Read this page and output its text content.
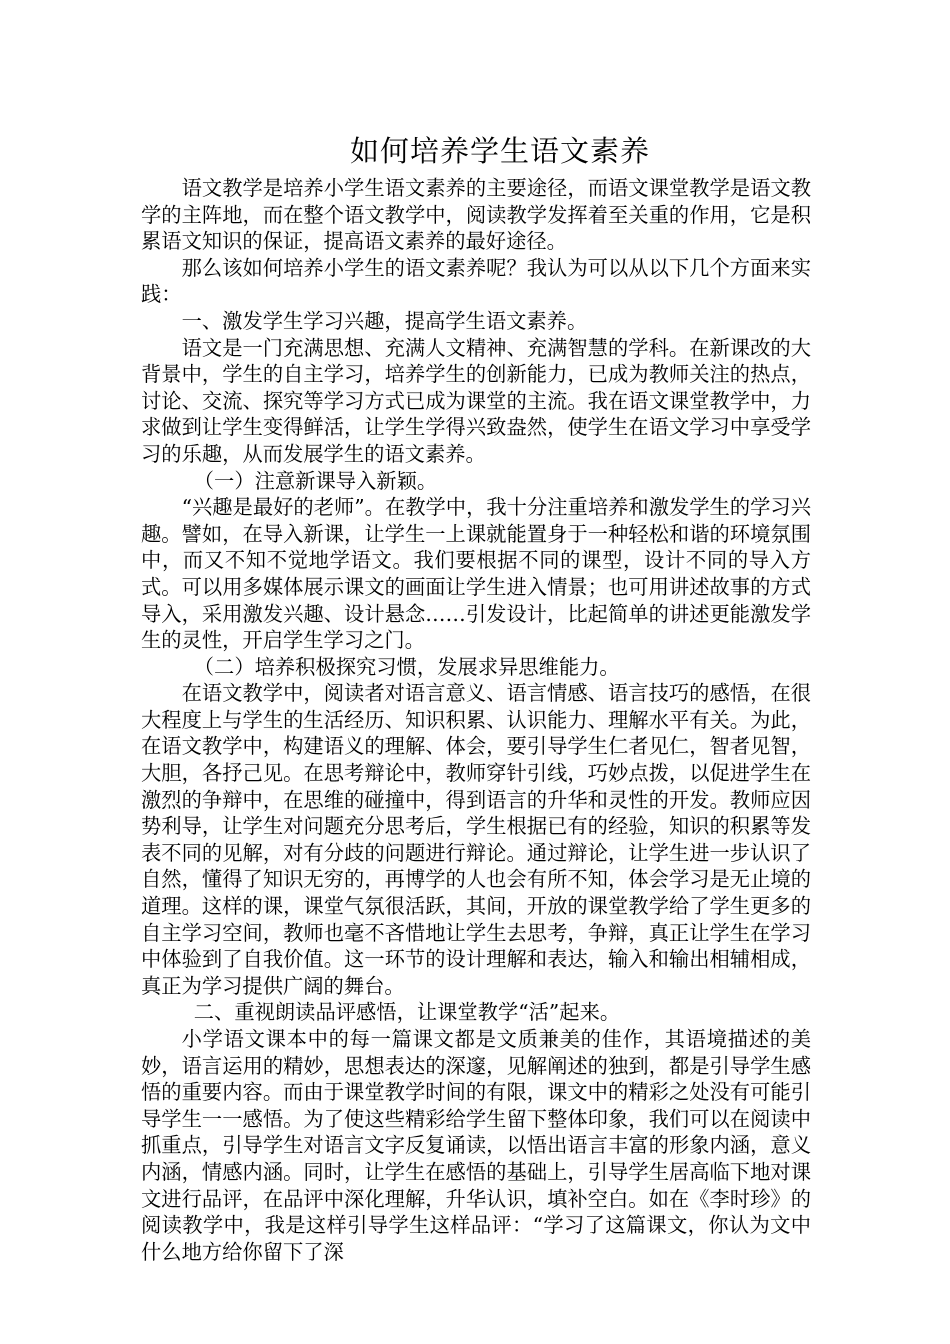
如何培养学生语文素养

语文教学是培养小学生语文素养的主要途径，而语文课堂教学是语文教学的主阵地，而在整个语文教学中，阅读教学发挥着至关重的作用，它是积累语文知识的保证，提高语文素养的最好途径。

那么该如何培养小学生的语文素养呢？我认为可以从以下几个方面来实践：

一、激发学生学习兴趣，提高学生语文素养。

语文是一门充满思想、充满人文精神、充满智慧的学科。在新课改的大背景中，学生的自主学习，培养学生的创新能力，已成为教师关注的热点，讨论、交流、探究等学习方式已成为课堂的主流。我在语文课堂教学中，力求做到让学生变得鲜活，让学生学得兴致盎然，使学生在语文学习中享受学习的乐趣，从而发展学生的语文素养。

（一）注意新课导入新颖。

“兴趣是最好的老师”。在教学中，我十分注重培养和激发学生的学习兴趣。譬如，在导入新课，让学生一上课就能置身于一种轻松和谐的环境氛围中，而又不知不觉地学语文。我们要根据不同的课型，设计不同的导入方式。可以用多媒体展示课文的画面让学生进入情景；也可用讲述故事的方式导入，采用激发兴趣、设计悬念……引发设计，比起简单的讲述更能激发学生的灵性，开启学生学习之门。

（二）培养积极探究习惯，发展求异思维能力。

在语文教学中，阅读者对语言意义、语言情感、语言技巧的感悟，在很大程度上与学生的生活经历、知识积累、认识能力、理解水平有关。为此，在语文教学中，构建语义的理解、体会，要引导学生仁者见仁，智者见智，大胆，各抒己见。在思考辩论中，教师穿针引线，巧妙点拨，以促进学生在激烈的争辩中，在思维的碰撞中，得到语言的升华和灵性的开发。教师应因势利导，让学生对问题充分思考后，学生根据已有的经验，知识的积累等发表不同的见解，对有分歧的问题进行辩论。通过辩论，让学生进一步认识了自然，懂得了知识无穷的，再博学的人也会有所不知，体会学习是无止境的道理。这样的课，课堂气氛很活跃，其间，开放的课堂教学给了学生更多的自主学习空间，教师也毫不吝惜地让学生去思考，争辩，真正让学生在学习中体验到了自我价值。这一环节的设计理解和表达，输入和输出相辅相成，真正为学习提供广阔的舞台。

二、重视朗读品评感悟，让课堂教学“活”起来。

小学语文课本中的每一篇课文都是文质兼美的佳作，其语境描述的美妙，语言运用的精妙，思想表达的深邃，见解阐述的独到，都是引导学生感悟的重要内容。而由于课堂教学时间的有限，课文中的精彩之处没有可能引导学生一一感悟。为了使这些精彩给学生留下整体印象，我们可以在阅读中抓重点，引导学生对语言文字反复诵读，以悟出语言丰富的形象内涵，意义内涵，情感内涵。同时，让学生在感悟的基础上，引导学生居高临下地对课文进行品评，在品评中深化理解，升华认识，填补空白。如在《李时珍》的阅读教学中，我是这样引导学生这样品评：“学习了这篇课文，你认为文中什么地方给你留下了深
